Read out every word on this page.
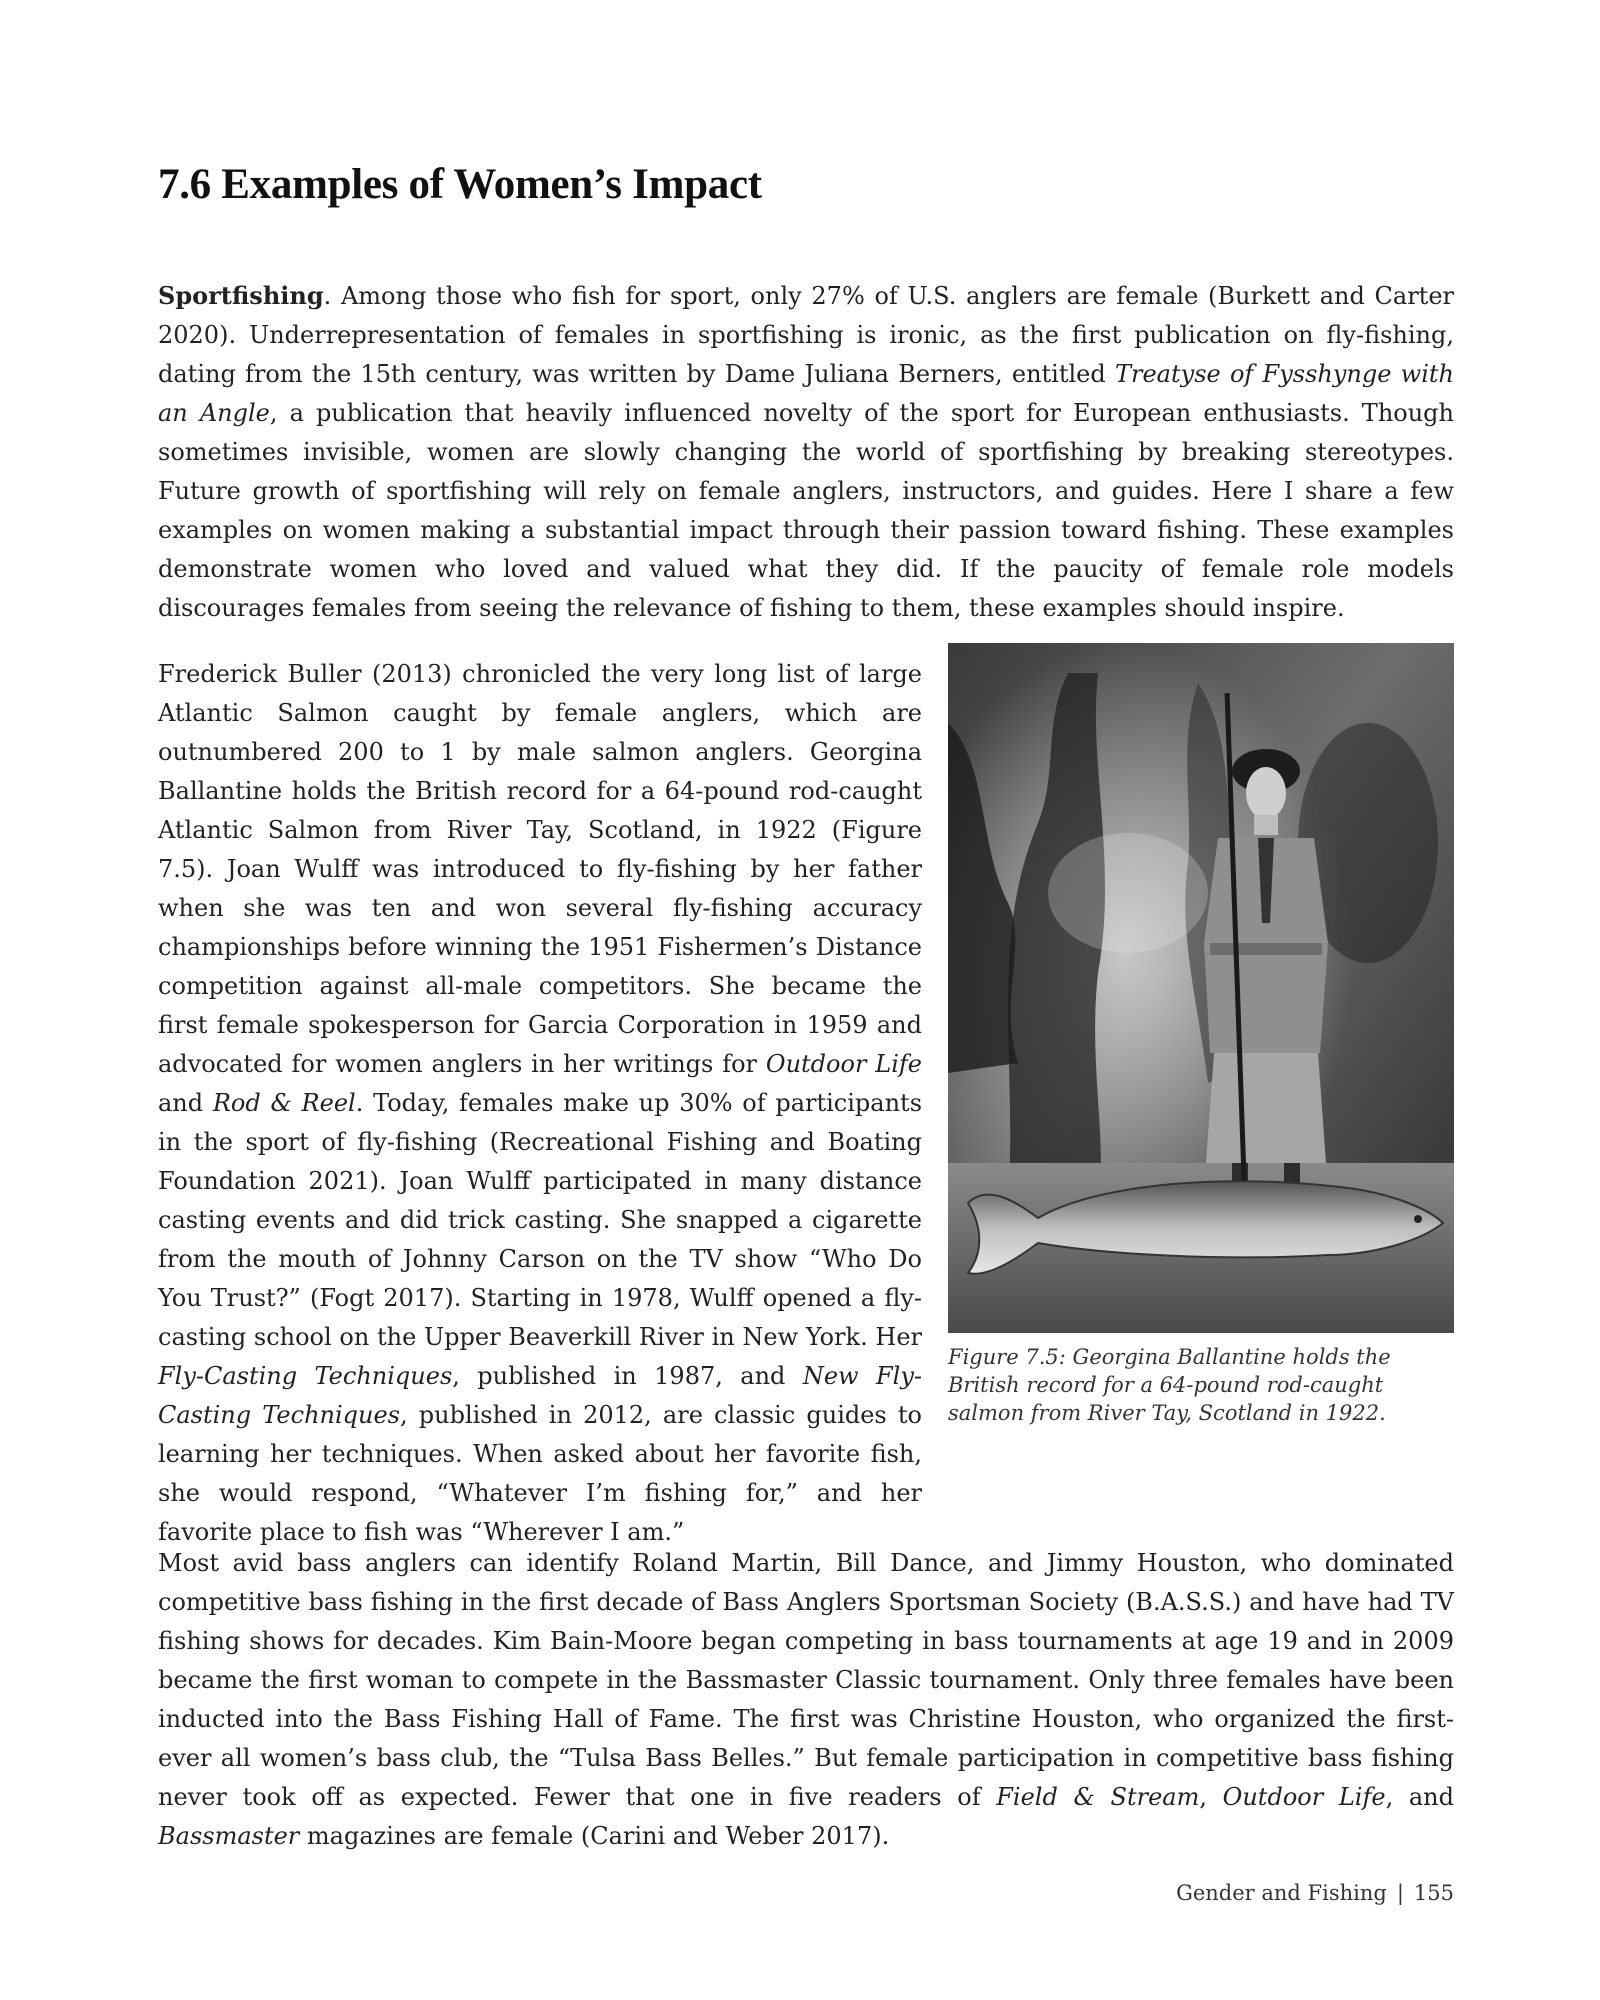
7.6 Examples of Women’s Impact

Sportfishing. Among those who fish for sport, only 27% of U.S. anglers are female (Burkett and Carter 2020). Underrepresentation of females in sportfishing is ironic, as the first publication on fly-fishing, dating from the 15th century, was written by Dame Juliana Berners, entitled Treatyse of Fysshynge with an Angle, a publication that heavily influenced novelty of the sport for European enthusiasts. Though sometimes invisible, women are slowly changing the world of sportfishing by breaking stereotypes. Future growth of sportfishing will rely on female anglers, instructors, and guides. Here I share a few examples on women making a substantial impact through their passion toward fishing. These examples demonstrate women who loved and valued what they did. If the paucity of female role models discourages females from seeing the relevance of fishing to them, these examples should inspire.

Frederick Buller (2013) chronicled the very long list of large Atlantic Salmon caught by female anglers, which are outnumbered 200 to 1 by male salmon anglers. Georgina Ballantine holds the British record for a 64-pound rod-caught Atlantic Salmon from River Tay, Scotland, in 1922 (Figure 7.5). Joan Wulff was introduced to fly-fishing by her father when she was ten and won several fly-fishing accuracy championships before winning the 1951 Fishermen’s Distance competition against all-male competitors. She became the first female spokesperson for Garcia Corporation in 1959 and advocated for women anglers in her writings for Outdoor Life and Rod & Reel. Today, females make up 30% of participants in the sport of fly-fishing (Recreational Fishing and Boating Foundation 2021). Joan Wulff participated in many distance casting events and did trick casting. She snapped a cigarette from the mouth of Johnny Carson on the TV show “Who Do You Trust?” (Fogt 2017). Starting in 1978, Wulff opened a fly-casting school on the Upper Beaverkill River in New York. Her Fly-Casting Techniques, published in 1987, and New Fly-Casting Techniques, published in 2012, are classic guides to learning her techniques. When asked about her favorite fish, she would respond, “Whatever I’m fishing for,” and her favorite place to fish was “Wherever I am.”

Figure 7.5: Georgina Ballantine holds the British record for a 64-pound rod-caught salmon from River Tay, Scotland in 1922.

Most avid bass anglers can identify Roland Martin, Bill Dance, and Jimmy Houston, who dominated competitive bass fishing in the first decade of Bass Anglers Sportsman Society (B.A.S.S.) and have had TV fishing shows for decades. Kim Bain-Moore began competing in bass tournaments at age 19 and in 2009 became the first woman to compete in the Bassmaster Classic tournament. Only three females have been inducted into the Bass Fishing Hall of Fame. The first was Christine Houston, who organized the first-ever all women’s bass club, the “Tulsa Bass Belles.” But female participation in competitive bass fishing never took off as expected. Fewer that one in five readers of Field & Stream, Outdoor Life, and Bassmaster magazines are female (Carini and Weber 2017).

Gender and Fishing | 155
